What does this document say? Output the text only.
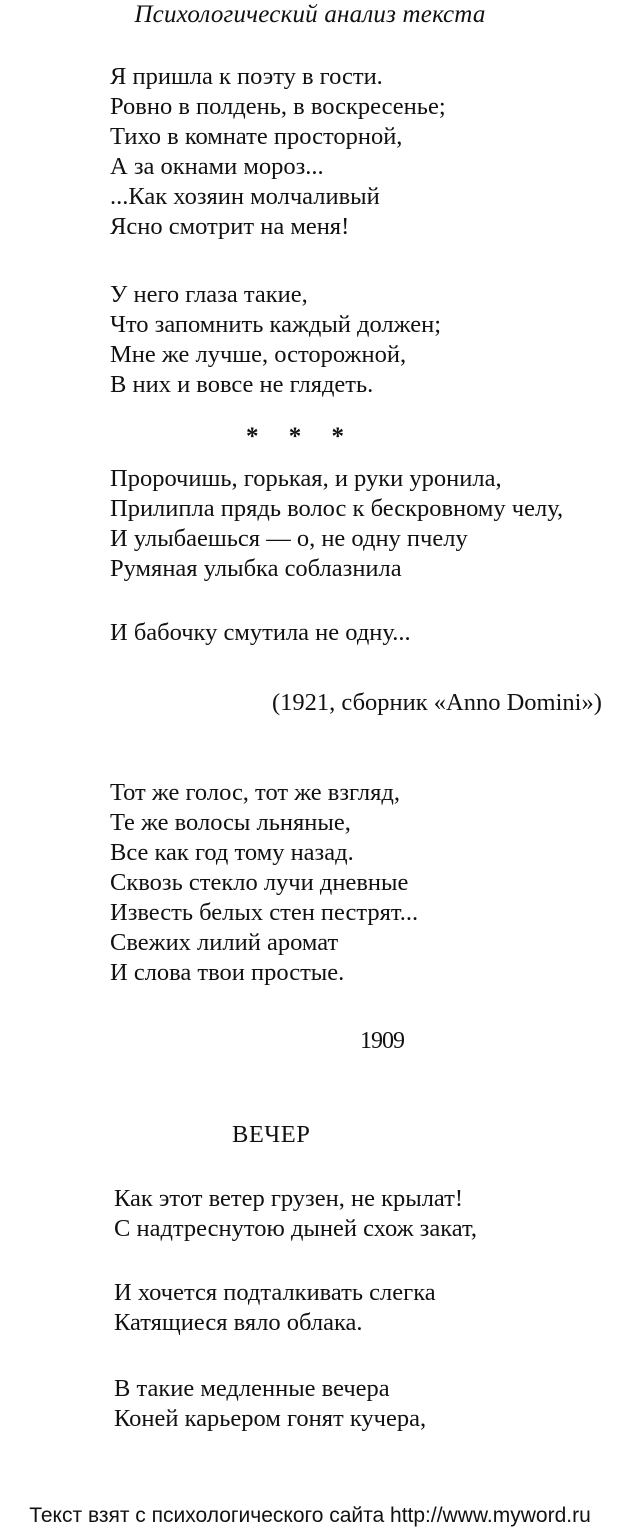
Психологический анализ текста
Я пришла к поэту в гости.
Ровно в полдень, в воскресенье;
Тихо в комнате просторной,
А за окнами мороз...
...Как хозяин молчаливый
Ясно смотрит на меня!
У него глаза такие,
Что запомнить каждый должен;
Мне же лучше, осторожной,
В них и вовсе не глядеть.
* * *
Пророчишь, горькая, и руки уронила,
Прилипла прядь волос к бескровному челу,
И улыбаешься — о, не одну пчелу
Румяная улыбка соблазнила
И бабочку смутила не одну...
(1921, сборник «Anno Domini»)
Тот же голос, тот же взгляд,
Те же волосы льняные,
Все как год тому назад.
Сквозь стекло лучи дневные
Известь белых стен пестрят...
Свежих лилий аромат
И слова твои простые.
1909
ВЕЧЕР
Как этот ветер грузен, не крылат!
С надтреснутою дыней схож закат,
И хочется подталкивать слегка
Катящиеся вяло облака.
В такие медленные вечера
Коней карьером гонят кучера,
Текст взят с психологического сайта http://www.myword.ru
